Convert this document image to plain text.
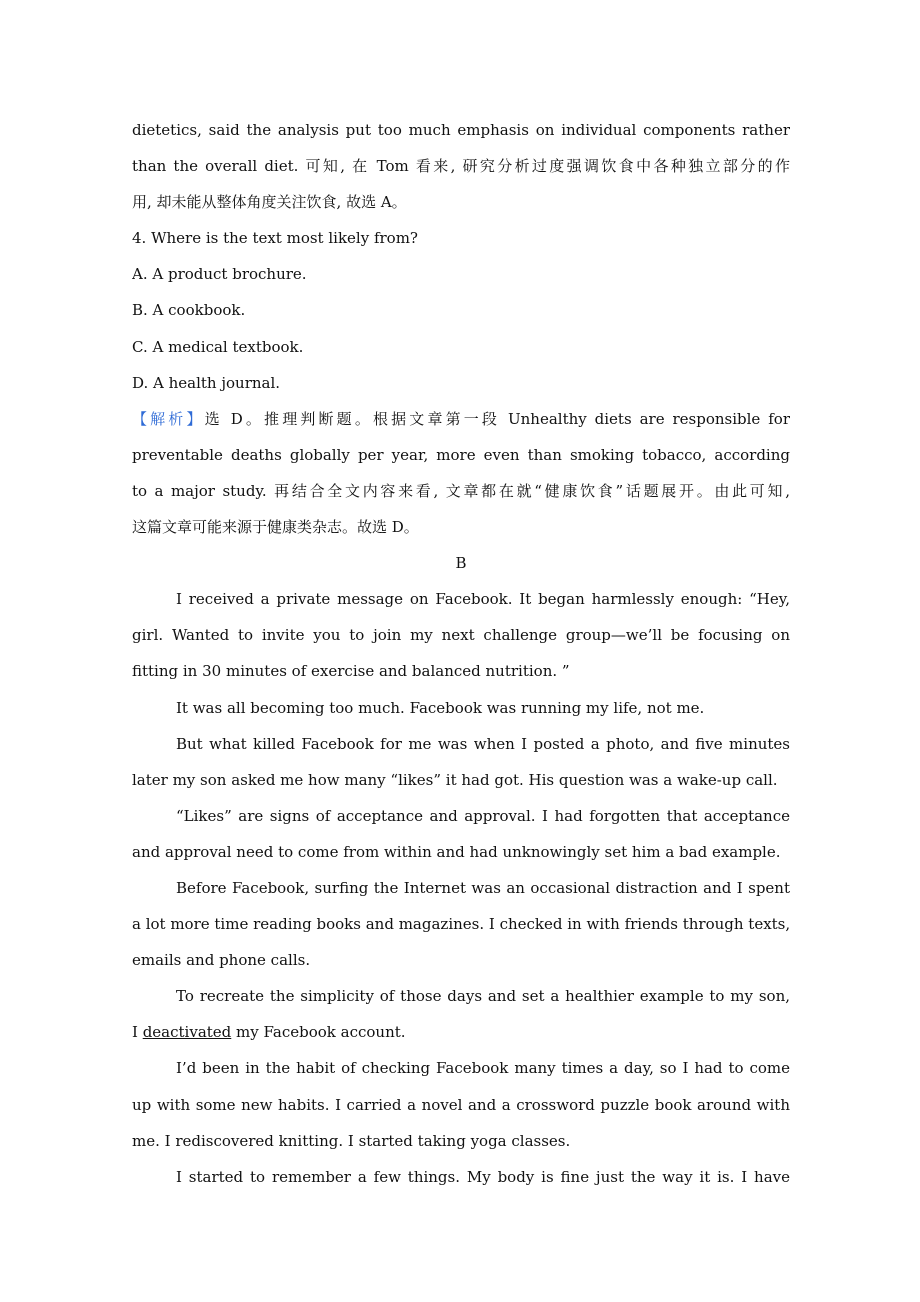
dietetics, said the analysis put too much emphasis on individual components rather
than the overall diet. 可知, 在 Tom 看来, 研究分析过度强调饮食中各种独立部分的作
用, 却未能从整体角度关注饮食, 故选 A。
4. Where is the text most likely from?
A. A product brochure.
B. A cookbook.
C. A medical textbook.
D. A health journal.
【解析】选 D。推理判断题。根据文章第一段 Unhealthy diets are responsible for
preventable deaths globally per year, more even than smoking tobacco, according
to a major study. 再结合全文内容来看, 文章都在就“健康饮食”话题展开。由此可知,
这篇文章可能来源于健康类杂志。故选 D。
B
I received a private message on Facebook. It began harmlessly enough: “Hey,
girl. Wanted to invite you to join my next challenge group—we’ll be focusing on
fitting in 30 minutes of exercise and balanced nutrition. ”
It was all becoming too much. Facebook was running my life, not me.
But what killed Facebook for me was when I posted a photo, and five minutes
later my son asked me how many “likes” it had got. His question was a wake-up call.
“Likes” are signs of acceptance and approval. I had forgotten that acceptance
and approval need to come from within and had unknowingly set him a bad example.
Before Facebook, surfing the Internet was an occasional distraction and I spent
a lot more time reading books and magazines. I checked in with friends through texts,
emails and phone calls.
To recreate the simplicity of those days and set a healthier example to my son,
I deactivated my Facebook account.
I’d been in the habit of checking Facebook many times a day, so I had to come
up with some new habits. I carried a novel and a crossword puzzle book around with
me. I rediscovered knitting. I started taking yoga classes.
I started to remember a few things. My body is fine just the way it is. I have
